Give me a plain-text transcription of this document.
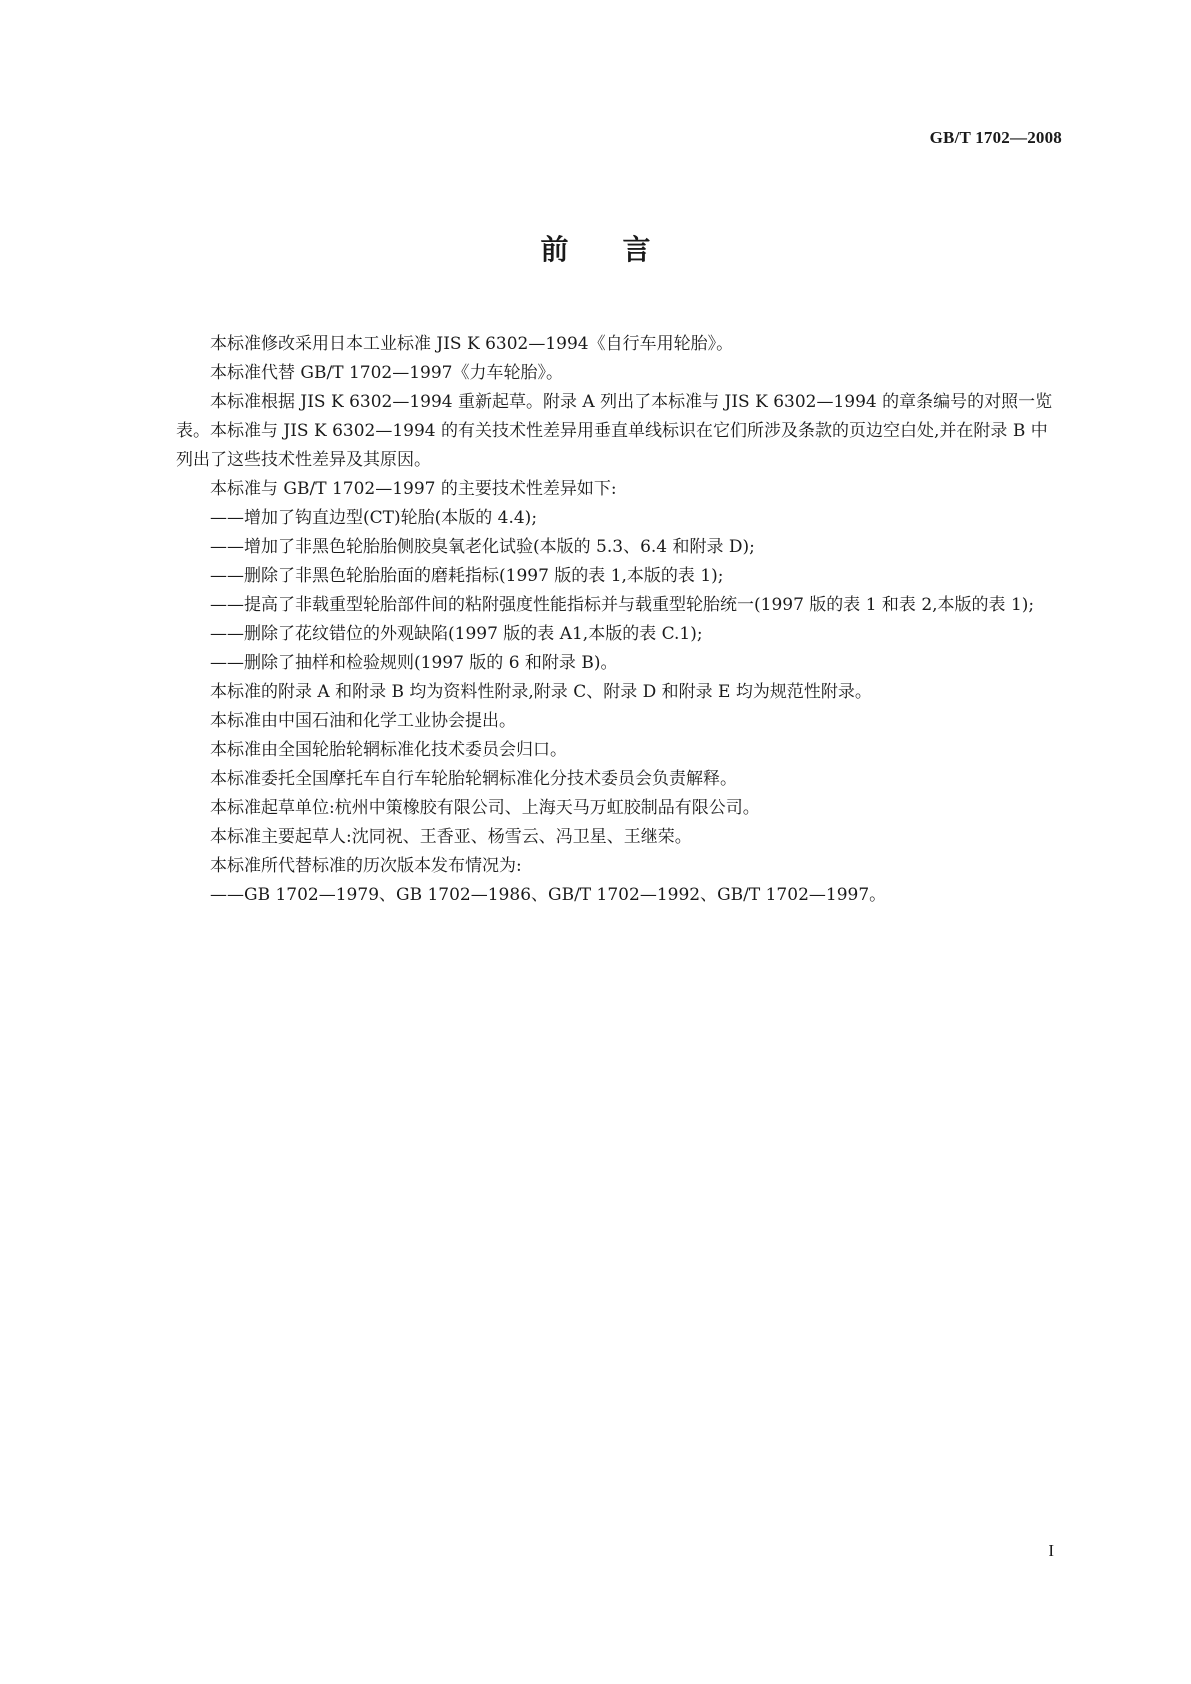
GB/T 1702—2008
前言

本标准修改采用日本工业标准 JIS K 6302—1994《自行车用轮胎》。

本标准代替 GB/T 1702—1997《力车轮胎》。

本标准根据 JIS K 6302—1994 重新起草。附录 A 列出了本标准与 JIS K 6302—1994 的章条编号的对照一览表。本标准与 JIS K 6302—1994 的有关技术性差异用垂直单线标识在它们所涉及条款的页边空白处,并在附录 B 中列出了这些技术性差异及其原因。

本标准与 GB/T 1702—1997 的主要技术性差异如下:

——增加了钩直边型(CT)轮胎(本版的 4.4);

——增加了非黑色轮胎胎侧胶臭氧老化试验(本版的 5.3、6.4 和附录 D);

——删除了非黑色轮胎胎面的磨耗指标(1997 版的表 1,本版的表 1);

——提高了非载重型轮胎部件间的粘附强度性能指标并与载重型轮胎统一(1997 版的表 1 和表 2,本版的表 1);

——删除了花纹错位的外观缺陷(1997 版的表 A1,本版的表 C.1);

——删除了抽样和检验规则(1997 版的 6 和附录 B)。

本标准的附录 A 和附录 B 均为资料性附录,附录 C、附录 D 和附录 E 均为规范性附录。

本标准由中国石油和化学工业协会提出。

本标准由全国轮胎轮辋标准化技术委员会归口。

本标准委托全国摩托车自行车轮胎轮辋标准化分技术委员会负责解释。

本标准起草单位:杭州中策橡胶有限公司、上海天马万虹胶制品有限公司。

本标准主要起草人:沈同祝、王香亚、杨雪云、冯卫星、王继荣。

本标准所代替标准的历次版本发布情况为:

——GB 1702—1979、GB 1702—1986、GB/T 1702—1992、GB/T 1702—1997。

I
